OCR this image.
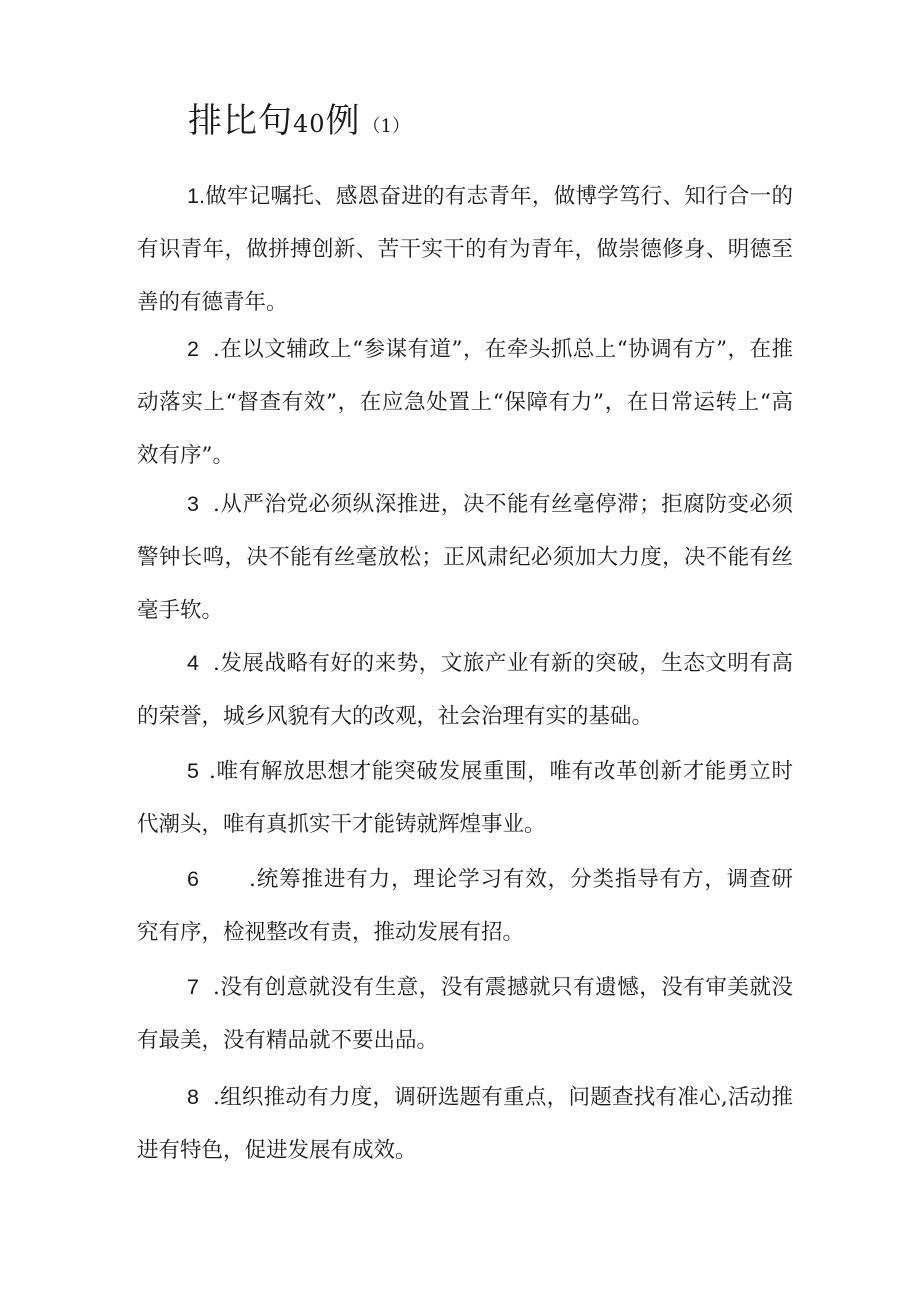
排比句40例 （1）

1.做牢记嘱托、感恩奋进的有志青年，做博学笃行、知行合一的有识青年，做拼搏创新、苦干实干的有为青年，做崇德修身、明德至善的有德青年。

2 .在以文辅政上“参谋有道”，在牵头抓总上“协调有方”，在推动落实上“督查有效”，在应急处置上“保障有力”，在日常运转上“高效有序”。

3 .从严治党必须纵深推进，决不能有丝毫停滞；拒腐防变必须警钟长鸣，决不能有丝毫放松；正风肃纪必须加大力度，决不能有丝毫手软。

4 .发展战略有好的来势，文旅产业有新的突破，生态文明有高的荣誉，城乡风貌有大的改观，社会治理有实的基础。

5 .唯有解放思想才能突破发展重围，唯有改革创新才能勇立时代潮头，唯有真抓实干才能铸就辉煌事业。

6 .统筹推进有力，理论学习有效，分类指导有方，调查研究有序，检视整改有责，推动发展有招。

7 .没有创意就没有生意，没有震撼就只有遗憾，没有审美就没有最美，没有精品就不要出品。

8 .组织推动有力度，调研选题有重点，问题查找有准心,活动推进有特色，促进发展有成效。
